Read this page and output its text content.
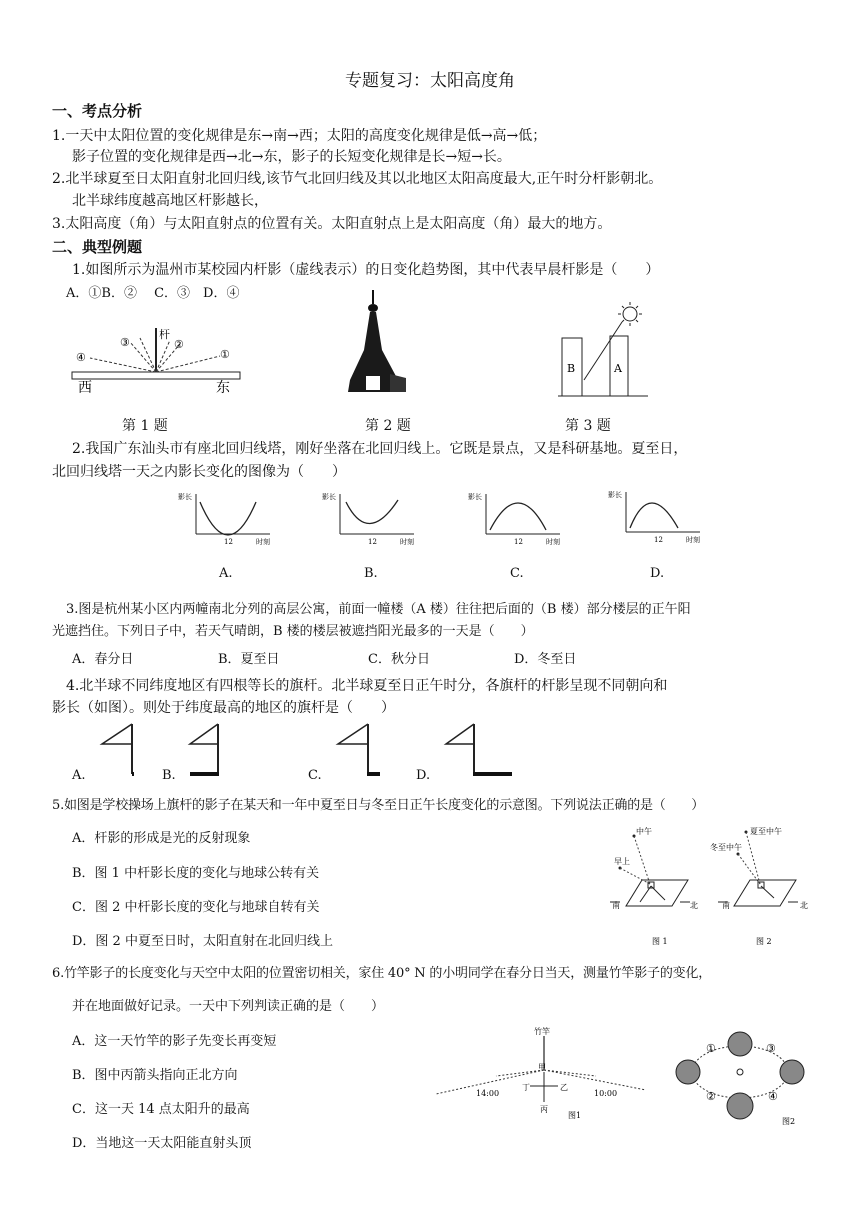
专题复习：太阳高度角
一、考点分析
1.一天中太阳位置的变化规律是东→南→西；太阳的高度变化规律是低→高→低；
影子位置的变化规律是西→北→东，影子的长短变化规律是长→短→长。
2.北半球夏至日太阳直射北回归线,该节气北回归线及其以北地区太阳高度最大,正午时分杆影朝北。
北半球纬度越高地区杆影越长，
3.太阳高度（角）与太阳直射点的位置有关。太阳直射点上是太阳高度（角）最大的地方。
二、典型例题
1.如图所示为温州市某校园内杆影（虚线表示）的日变化趋势图，其中代表早晨杆影是（　　）
A．①B．②　 C．③　D．④
④
③	②
①
杆
西	东
B	A
第 1 题	第 2 题	第 3 题
2.我国广东汕头市有座北回归线塔，刚好坐落在北回归线上。它既是景点，又是科研基地。夏至日，
北回归线塔一天之内影长变化的图像为（　　）
影长
时刻
12
影长
时刻
12
影长
时刻
12
影长
时刻
12
A.	B.	C.	D.
3.图是杭州某小区内两幢南北分列的高层公寓，前面一幢楼（A 楼）往往把后面的（B 楼）部分楼层的正午阳
光遮挡住。下列日子中，若天气晴朗，B 楼的楼层被遮挡阳光最多的一天是（　　）
A．春分日	B．夏至日	C．秋分日	D．冬至日
4.北半球不同纬度地区有四根等长的旗杆。北半球夏至日正午时分，各旗杆的杆影呈现不同朝向和
影长（如图）。则处于纬度最高的地区的旗杆是（　　）
A.	B.	C.	D.
5.如图是学校操场上旗杆的影子在某天和一年中夏至日与冬至日正午长度变化的示意图。下列说法正确的是（　　）
A．杆影的形成是光的反射现象
B．图 1 中杆影长度的变化与地球公转有关
C．图 2 中杆影长度的变化与地球自转有关
D．图 2 中夏至日时，太阳直射在北回归线上
中午
早上
南	北
图 1
夏至中午
冬至中午
南	北
图 2
6.竹竿影子的长度变化与天空中太阳的位置密切相关，家住 40° N 的小明同学在春分日当天，测量竹竿影子的变化，
并在地面做好记录。一天中下列判读正确的是（　　）
A．这一天竹竿的影子先变长再变短
B．图中丙箭头指向正北方向
C．这一天 14 点太阳升的最高
D．当地这一天太阳能直射头顶
竹竿
甲
乙
丙
丁
14:00	10:00
图1
①
②
③
④
图2
